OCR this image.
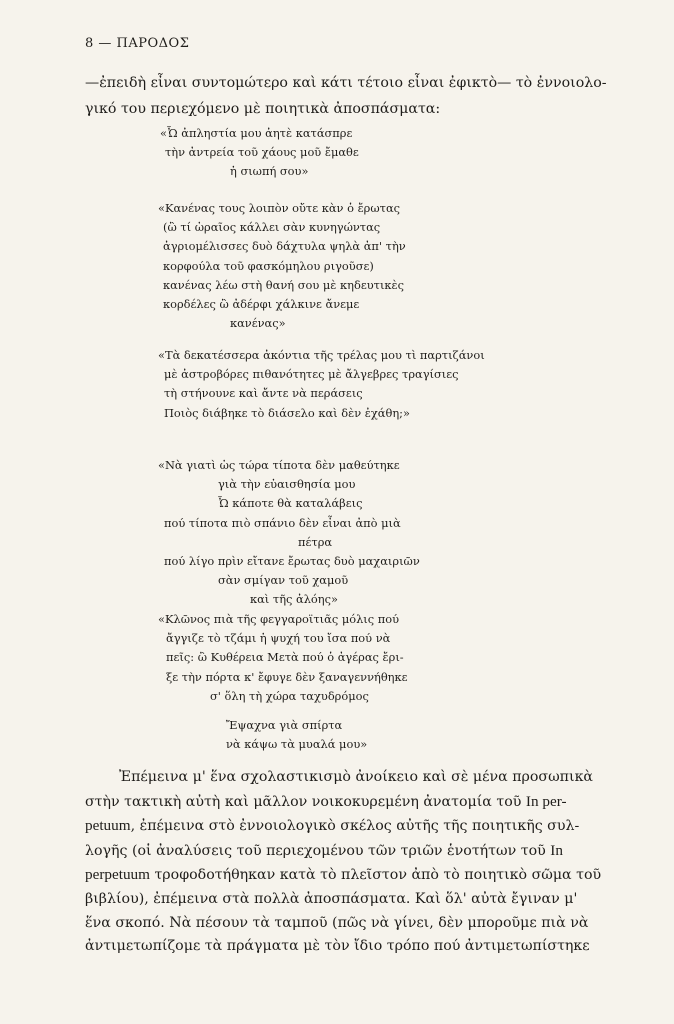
8 — ΠΑΡΟΔΟΣ
—ἐπειδὴ εἶναι συντομώτερο καὶ κάτι τέτοιο εἶναι ἐφικτὸ— τὸ ἐννοιολο-
γικό του περιεχόμενο μὲ ποιητικὰ ἀποσπάσματα:
«Ὦ ἀπληστία μου ἀητὲ κατάσπρε
τὴν ἀντρεία τοῦ χάους μοῦ ἔμαθε
ἡ σιωπή σου»
«Κανένας τους λοιπὸν οὔτε κὰν ὁ ἔρωτας
(ὢ τί ὡραῖος κάλλει σὰν κυνηγώντας
ἀγριομέλισσες δυὸ δάχτυλα ψηλὰ ἀπ' τὴν
κορφούλα τοῦ φασκόμηλου ριγοῦσε)
κανένας λέω στὴ θανή σου μὲ κηδευτικὲς
κορδέλες ὢ ἀδέρφι χάλκινε ἄνεμε
κανένας»
«Τὰ δεκατέσσερα ἀκόντια τῆς τρέλας μου τὶ παρτιζάνοι
μὲ ἀστροβόρες πιθανότητες μὲ ἄλγεβρες τραγίσιες
τὴ στήνουνε καὶ ἄντε νὰ περάσεις
Ποιὸς διάβηκε τὸ διάσελο καὶ δὲν ἐχάθη;»
«Νὰ γιατὶ ὡς τώρα τίποτα δὲν μαθεύτηκε
γιὰ τὴν εὐαισθησία μου
Ὦ κάποτε θὰ καταλάβεις
πού τίποτα πιὸ σπάνιο δὲν εἶναι ἀπὸ μιὰ
πέτρα
πού λίγο πρὶν εἴτανε ἔρωτας δυὸ μαχαιριῶν
σὰν σμίγαν τοῦ χαμοῦ
καὶ τῆς ἀλόης»
«Κλῶνος πιὰ τῆς φεγγαροϊτιᾶς μόλις πού
ἄγγιζε τὸ τζάμι ἡ ψυχή του ἴσα πού νὰ
πεῖς: ὢ Κυθέρεια Μετὰ πού ὁ ἀγέρας ἔρι-
ξε τὴν πόρτα κ' ἔφυγε δὲν ξαναγεννήθηκε
σ' ὅλη τὴ χώρα ταχυδρόμος
Ἔψαχνα γιὰ σπίρτα
νὰ κάψω τὰ μυαλά μου»
Ἐπέμεινα μ' ἕνα σχολαστικισμὸ ἀνοίκειο καὶ σὲ μένα προσωπικὰ
στὴν τακτικὴ αὐτὴ καὶ μᾶλλον νοικοκυρεμένη ἀνατομία τοῦ In per-
petuum, ἐπέμεινα στὸ ἐννοιολογικὸ σκέλος αὐτῆς τῆς ποιητικῆς συλ-
λογῆς (οἱ ἀναλύσεις τοῦ περιεχομένου τῶν τριῶν ἑνοτήτων τοῦ In
perpetuum τροφοδοτήθηκαν κατὰ τὸ πλεῖστον ἀπὸ τὸ ποιητικὸ σῶμα τοῦ
βιβλίου), ἐπέμεινα στὰ πολλὰ ἀποσπάσματα. Καὶ ὅλ' αὐτὰ ἔγιναν μ'
ἕνα σκοπό. Νὰ πέσουν τὰ ταμποῦ (πῶς νὰ γίνει, δὲν μποροῦμε πιὰ νὰ
ἀντιμετωπίζομε τὰ πράγματα μὲ τὸν ἴδιο τρόπο πού ἀντιμετωπίστηκε
